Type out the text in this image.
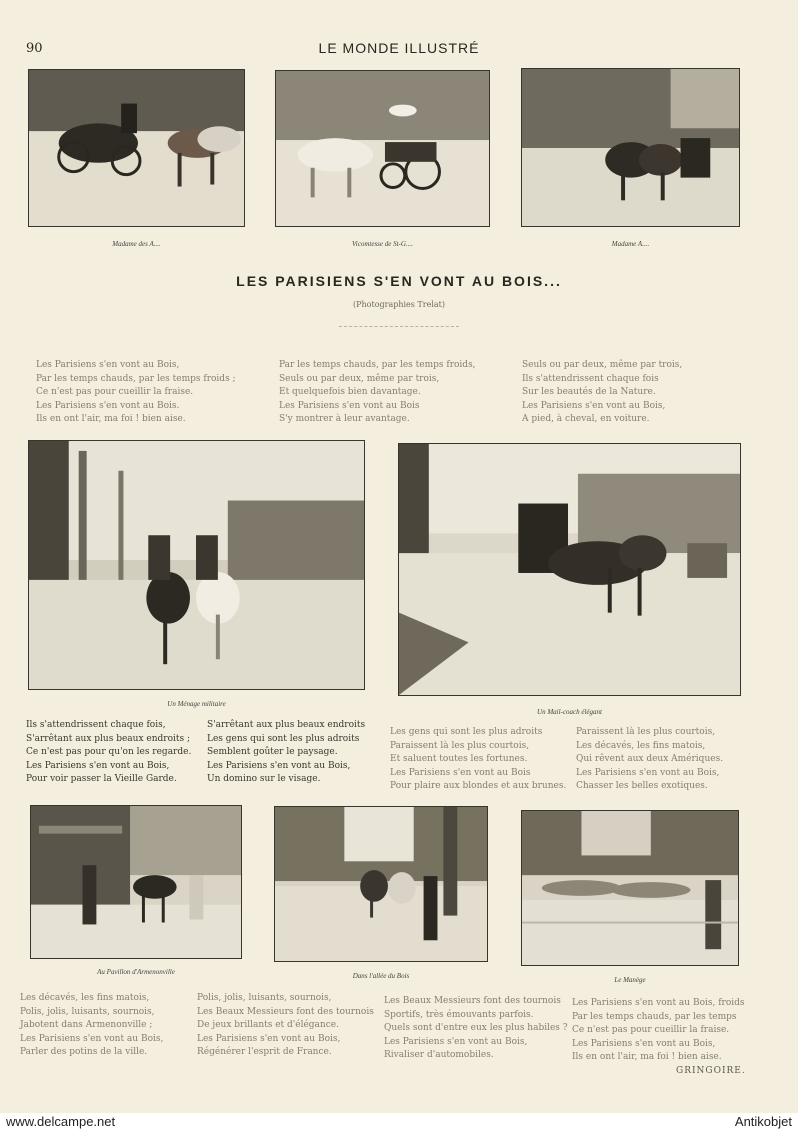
90	LE MONDE ILLUSTRÉ
Madame des A....	Vicomtesse de St-G....	Madame A....
LES PARISIENS S'EN VONT AU BOIS...
(Photographies Trelat)
Les Parisiens s'en vont au Bois,
Par les temps chauds, par les temps froids ;
Ce n'est pas pour cueillir la fraise.
Les Parisiens s'en vont au Bois.
Ils en ont l'air, ma foi ! bien aise.
Par les temps chauds, par les temps froids,
Seuls ou par deux, même par trois,
Et quelquefois bien davantage.
Les Parisiens s'en vont au Bois
S'y montrer à leur avantage.
Seuls ou par deux, même par trois,
Ils s'attendrissent chaque fois
Sur les beautés de la Nature.
Les Parisiens s'en vont au Bois,
A pied, à cheval, en voiture.
Un Ménage militaire
Un Mail-coach élégant
Ils s'attendrissent chaque fois,
S'arrêtant aux plus beaux endroits ;
Ce n'est pas pour qu'on les regarde.
Les Parisiens s'en vont au Bois,
Pour voir passer la Vieille Garde.
S'arrêtant aux plus beaux endroits
Les gens qui sont les plus adroits
Semblent goûter le paysage.
Les Parisiens s'en vont au Bois,
Un domino sur le visage.
Les gens qui sont les plus adroits
Paraissent là les plus courtois,
Et saluent toutes les fortunes.
Les Parisiens s'en vont au Bois
Pour plaire aux blondes et aux brunes.
Paraissent là les plus courtois,
Les décavés, les fins matois,
Qui rêvent aux deux Amériques.
Les Parisiens s'en vont au Bois,
Chasser les belles exotiques.
Au Pavillon d'Armenonville	Dans l'allée du Bois	Le Manège
Les décavés, les fins matois,
Polis, jolis, luisants, sournois,
Jabotent dans Armenonville ;
Les Parisiens s'en vont au Bois,
Parler des potins de la ville.
Polis, jolis, luisants, sournois,
Les Beaux Messieurs font des tournois
De jeux brillants et d'élégance.
Les Parisiens s'en vont au Bois,
Régénérer l'esprit de France.
Les Beaux Messieurs font des tournois
Sportifs, très émouvants parfois.
Quels sont d'entre eux les plus habiles ?
Les Parisiens s'en vont au Bois,
Rivaliser d'automobiles.
Les Parisiens s'en vont au Bois, froids
Par les temps chauds, par les temps
Ce n'est pas pour cueillir la fraise.
Les Parisiens s'en vont au Bois,
Ils en ont l'air, ma foi ! bien aise.
GRINGOIRE.
www.delcampe.net	Antikobjet
